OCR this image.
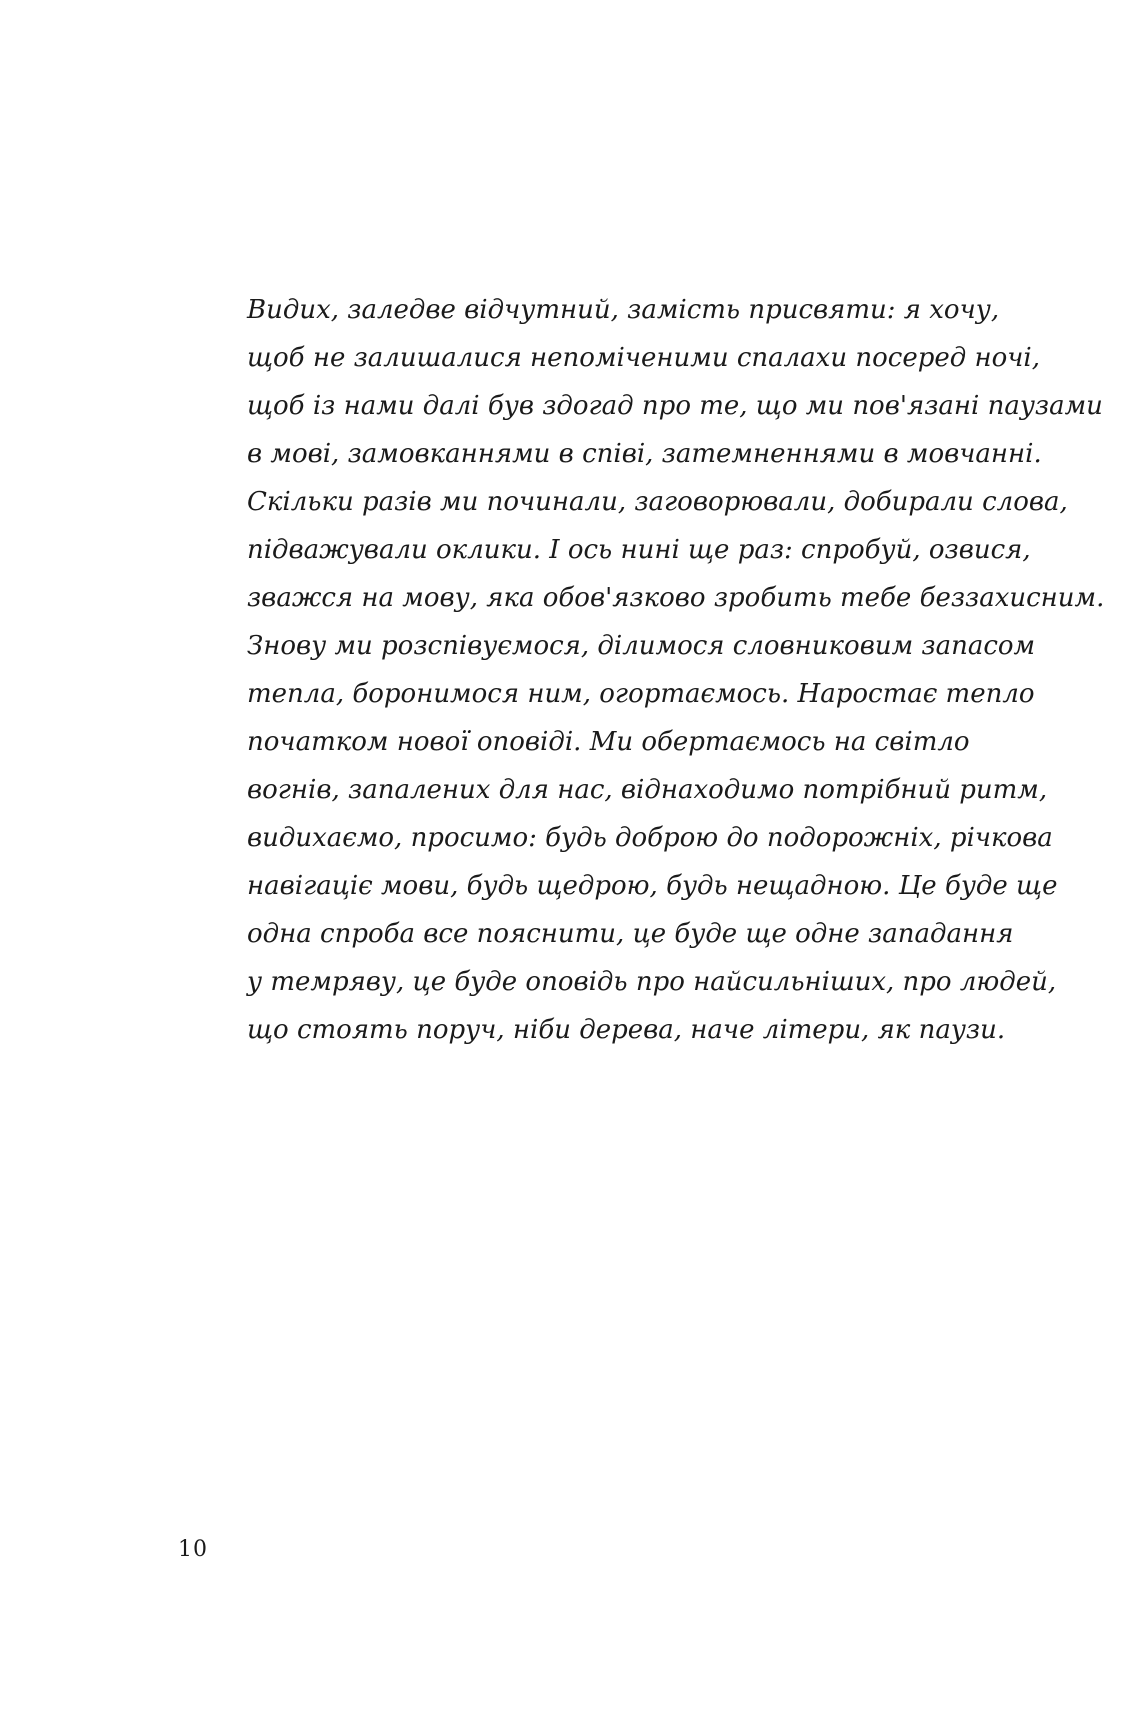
Видих, заледве відчутний, замість присвяти: я хочу,
щоб не залишалися непоміченими спалахи посеред ночі,
щоб із нами далі був здогад про те, що ми пов'язані паузами
в мові, замовканнями в співі, затемненнями в мовчанні.
Скільки разів ми починали, заговорювали, добирали слова,
підважували оклики. І ось нині ще раз: спробуй, озвися,
зважся на мову, яка обов'язково зробить тебе беззахисним.
Знову ми розспівуємося, ділимося словниковим запасом
тепла, боронимося ним, огортаємось. Наростає тепло
початком нової оповіді. Ми обертаємось на світло
вогнів, запалених для нас, віднаходимо потрібний ритм,
видихаємо, просимо: будь доброю до подорожніх, річкова
навігаціє мови, будь щедрою, будь нещадною. Це буде ще
одна спроба все пояснити, це буде ще одне западання
у темряву, це буде оповідь про найсильніших, про людей,
що стоять поруч, ніби дерева, наче літери, як паузи.

10
